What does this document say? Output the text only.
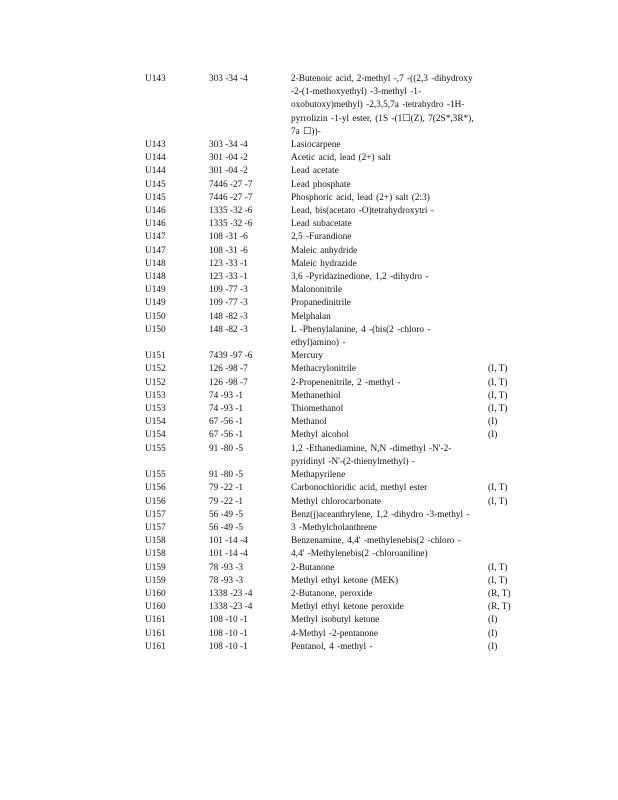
U143	303 -34 -4	2-Butenoic acid, 2-methyl -,7 -((2,3 -dihydroxy -2-(1-methoxyethyl) -3-methyl -1-oxobutoxy)methyl) -2,3,5,7a -tetrahydro -1H-pyrrolizin -1-yl ester, (1S -(1☐(Z), 7(2S*,3R*), 7a ☐))-
U143	303 -34 -4	Lasiocarpene
U144	301 -04 -2	Acetic acid, lead (2+) salt
U144	301 -04 -2	Lead acetate
U145	7446 -27 -7	Lead phosphate
U145	7446 -27 -7	Phosphoric acid, lead (2+) salt (2:3)
U146	1335 -32 -6	Lead, bis(acetato -O)tetrahydroxytri -
U146	1335 -32 -6	Lead subacetate
U147	108 -31 -6	2,5 -Furandione
U147	108 -31 -6	Maleic anhydride
U148	123 -33 -1	Maleic hydrazide
U148	123 -33 -1	3,6 -Pyridazinedione, 1,2 -dihydro -
U149	109 -77 -3	Malononitrile
U149	109 -77 -3	Propanedinitrile
U150	148 -82 -3	Melphalan
U150	148 -82 -3	L -Phenylalanine, 4 -(bis(2 -chloro -ethyl)amino) -
U151	7439 -97 -6	Mercury
U152	126 -98 -7	Methacrylonitrile	(I, T)
U152	126 -98 -7	2-Propenenitrile, 2 -methyl -	(I, T)
U153	74 -93 -1	Methanethiol	(I, T)
U153	74 -93 -1	Thiomethanol	(I, T)
U154	67 -56 -1	Methanol	(I)
U154	67 -56 -1	Methyl alcohol	(I)
U155	91 -80 -5	1,2 -Ethanediamine, N,N -dimethyl -N'-2-pyridinyl -N'-(2-thienylmethyl) -
U155	91 -80 -5	Methapyrilene
U156	79 -22 -1	Carbonochloridic acid, methyl ester	(I, T)
U156	79 -22 -1	Methyl chlorocarbonate	(I, T)
U157	56 -49 -5	Benz(j)aceanthrylene, 1,2 -dihydro -3-methyl -
U157	56 -49 -5	3 -Methylcholanthrene
U158	101 -14 -4	Benzenamine, 4,4' -methylenebis(2 -chloro -
U158	101 -14 -4	4,4' -Methylenebis(2 -chloroaniline)
U159	78 -93 -3	2-Butanone	(I, T)
U159	78 -93 -3	Methyl ethyl ketone (MEK)	(I, T)
U160	1338 -23 -4	2-Butanone, peroxide	(R, T)
U160	1338 -23 -4	Methyl ethyl ketone peroxide	(R, T)
U161	108 -10 -1	Methyl isobutyl ketone	(I)
U161	108 -10 -1	4-Methyl -2-pentanone	(I)
U161	108 -10 -1	Pentanol, 4 -methyl -	(I)
